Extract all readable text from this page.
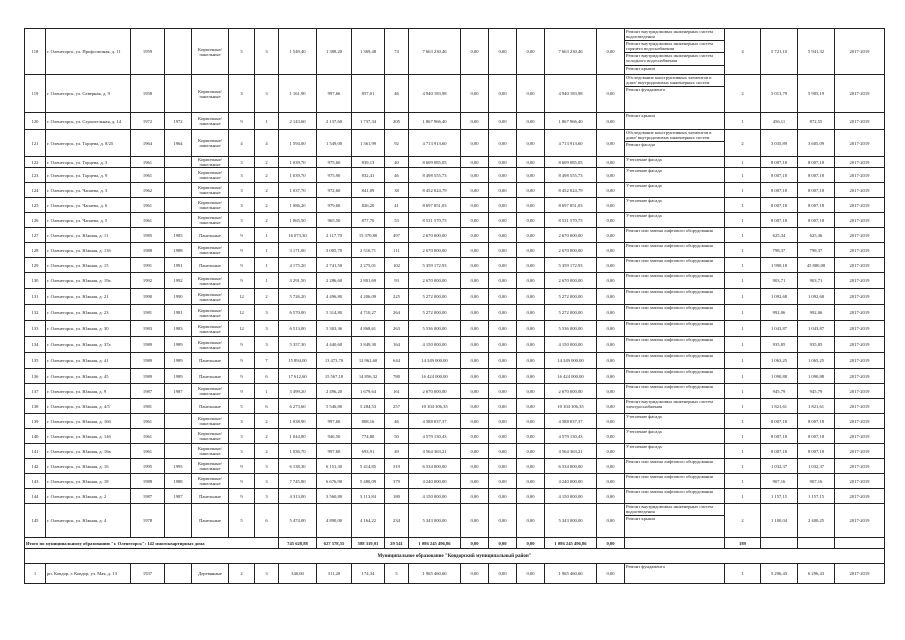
118	г. Оленегорск, ул. Профсоюзная, д. 11	1959		Кирпичные/ панельные	5	3	1 549,40	1 388,20	1 369,48	74	7 663 230,46	0,00	0,00	0,00	7 663 230,46	0,00	Ремонт внутридомовых инженерных систем водоотведения
Ремонт внутридомовых инженерных систем горячего водоснабжения
Ремонт внутридомовых инженерных систем холодного водоснабжения
Ремонт крыши	4	5 721,10	5 941,32	2017-2019
119	г. Оленегорск, ул. Северная, д. 9	1958		Кирпичные/ панельные	3	3	1 161,90	997,66	857,01	46	4 940 183,98	0,00	0,00	0,00	4 940 183,98	0,00	Обследование конструктивных элементов в доме/ внутридомовых инженерных систем
Ремонт фундамента	2	5 013,79	5 905,19	2017-2019
120	г. Оленегорск, ул. Строительная, д. 14	1972	1972	Кирпичные/ панельные	9	1	2 143,60	2 137,60	1 737,34	205	1 867 966,40	0,00	0,00	0,00	1 867 966,40	0,00	Ремонт крыши	1	456,11	872,55	2017-2019
121	г. Оленегорск, ул. Торцева, д. 8/25	1964	1964	Кирпичные/ панельные	4	4	1 594,00	1 549,00	1 361,99	92	4 713 913,60	0,00	0,00	0,00	4 713 913,60	0,00	Обследование конструктивных элементов в доме/ внутридомовых инженерных систем
Ремонт фасада	2	3 035,89	3 605,09	2017-2019
122	г. Оленегорск, ул. Торцева, д. 3	1961		Кирпичные/ панельные	3	2	1 039,70	975,60	839,13	40	8 609 085,05	0,00	0,00	0,00	8 609 085,05	0,00	Утепление фасада	1	8 007,18	8 007,18	2017-2019
123	г. Оленегорск, ул. Торцева, д. 9	1961		Кирпичные/ панельные	3	2	1 039,70	975,90	832,41	46	8 498 555,73	0,00	0,00	0,00	8 498 555,73	0,00	Утепление фасада	1	8 007,18	8 007,18	2017-2019
124	г. Оленегорск, ул. Чапаева, д. 3	1962		Кирпичные/ панельные	3	2	1 037,70	972,60	841,09	38	8 452 024,79	0,00	0,00	0,00	8 452 024,79	0,00	Утепление фасада	1	8 007,18	8 007,18	2017-2019
125	г. Оленегорск, ул. Чапаева, д. 6	1961		Кирпичные/ панельные	3	2	1 086,20	979,60	826,20	41	8 697 851,03	0,00	0,00	0,00	8 697 851,03	0,00	Утепление фасада	1	8 007,18	8 007,18	2017-2019
126	г. Оленегорск, ул. Чапаева, д. 5	1961		Кирпичные/ панельные	3	2	1 065,50	965,50	877,70	53	8 531 570,75	0,00	0,00	0,00	8 531 570,75	0,00	Утепление фасада	1	8 007,18	8 007,18	2017-2019
127	г. Оленегорск, ул. Южная, д. 11	1985	1985	Панельные	9	1	16 073,30	2 117,70	15 370,80	497	2 670 000,00	0,00	0,00	0,00	2 670 000,00	0,00	Ремонт или замена лифтового оборудования	1	625,34	625,36	2017-2019
128	г. Оленегорск, ул. Южная, д. 13б	1988	1988	Кирпичные/ панельные	9	1	3 171,00	3 005,70	2 516,71	111	2 670 000,00	0,00	0,00	0,00	2 670 000,00	0,00	Ремонт или замена лифтового оборудования	1	798,37	798,37	2017-2019
129	г. Оленегорск, ул. Южная, д. 15	1991	1991	Панельные	9	1	4 175,20	2 741,50	2 275,01	102	5 359 172,93	0,00	0,00	0,00	5 359 172,93	0,00	Ремонт или замена лифтового оборудования	1	1 990,18	45 880,08	2017-2019
130	г. Оленегорск, ул. Южная, д. 19а	1992	1992	Кирпичные/ панельные	9	1	3 291,50	2 286,60	2 801,69	93	2 670 000,00	0,00	0,00	0,00	2 670 000,00	0,00	Ремонт или замена лифтового оборудования	1	903,71	903,71	2017-2019
131	г. Оленегорск, ул. Южная, д. 21	1990	1990	Кирпичные/ панельные	12	2	5 726,20	4 496,80	4 206,09	225	5 272 000,00	0,00	0,00	0,00	5 272 000,00	0,00	Ремонт или замена лифтового оборудования	1	1 092,68	1 092,68	2017-2019
132	г. Оленегорск, ул. Южная, д. 23	1981	1981	Кирпичные/ панельные	12	3	6 570,00	5 314,80	4 710,27	264	5 272 000,00	0,00	0,00	0,00	5 272 000,00	0,00	Ремонт или замена лифтового оборудования	1	992,06	992,06	2017-2019
133	г. Оленегорск, ул. Южная, д. 30	1983	1983	Кирпичные/ панельные	12	3	6 513,00	5 303,36	4 868,61	263	5 536 000,00	0,00	0,00	0,00	5 536 000,00	0,00	Ремонт или замена лифтового оборудования	1	1 043,87	1 043,87	2017-2019
134	г. Оленегорск, ул. Южная, д. 37а	1989	1989	Кирпичные/ панельные	9	3	5 357,30	4 440,60	3 849,30	164	4 150 000,00	0,00	0,00	0,00	4 150 000,00	0,00	Ремонт или замена лифтового оборудования	1	935,85	935,85	2017-2019
135	г. Оленегорск, ул. Южная, д. 41	1989	1989	Панельные	9	7	15 894,00	13 473,70	12 962,60	644	14 349 000,00	0,00	0,00	0,00	14 349 000,00	0,00	Ремонт или замена лифтового оборудования	1	1 063,25	1 065,25	2017-2019
136	г. Оленегорск, ул. Южная, д. 45	1989	1989	Панельные	9	6	17 612,60	15 567,10	14 856,32	780	16 424 000,00	0,00	0,00	0,00	16 424 000,00	0,00	Ремонт или замена лифтового оборудования	1	1 090,88	1 090,88	2017-2019
137	г. Оленегорск, ул. Южная, д. 9	1987	1987	Кирпичные/ панельные	9	1	3 499,20	2 496,20	1 679,64	161	2 670 000,00	0,00	0,00	0,00	2 670 000,00	0,00	Ремонт или замена лифтового оборудования	1	945,79	945,79	2017-2019
138	г. Оленегорск, ул. Южная, д. 4/5	1981		Панельные	5	6	6 273,60	5 546,80	5 284,53	257	10 104 106,35	0,00	0,00	0,00	10 104 106,35	0,00	Ремонт внутридомовых инженерных систем электроснабжения	1	1 821,61	1 821,61	2017-2019
139	г. Оленегорск, ул. Южная, д. 16б	1961		Кирпичные/ панельные	3	2	1 038,90	997,60	808,16	46	4 588 037,37	0,00	0,00	0,00	4 588 037,37	0,00	Утепление фасада	1	8 007,18	8 007,18	2017-2019
140	г. Оленегорск, ул. Южная, д. 14б	1961		Кирпичные/ панельные	3	2	1 044,80	946,50	774,80	50	4 579 130,43	0,00	0,00	0,00	4 579 130,43	0,00	Утепление фасада	1	8 007,18	8 007,18	2017-2019
141	г. Оленегорск, ул. Южная, д. 16в	1961		Кирпичные/ панельные	3	2	1 036,70	997,60	693,91	49	4 564 363,21	0,00	0,00	0,00	4 564 363,21	0,00	Утепление фасада	1	8 007,18	8 007,18	2017-2019
142	г. Оленегорск, ул. Южная, д. 16	1995	1995	Кирпичные/ панельные	9	3	6 138,30	6 151,30	5 414,85	319	6 534 000,00	0,00	0,00	0,00	6 534 000,00	0,00	Ремонт или замена лифтового оборудования	1	1 032,37	1 032,37	2017-2019
143	г. Оленегорск, ул. Южная, д. 18	1988	1988	Кирпичные/ панельные	9	3	7 745,80	6 676,90	5 480,09	379	4 240 000,00	0,00	0,00	0,00	4 240 000,00	0,00	Ремонт или замена лифтового оборудования	1	907,16	907,16	2017-2019
144	г. Оленегорск, ул. Южная, д. 2	1987	1987	Панельные	9	3	4 313,00	3 560,80	3 113,84	180	4 150 000,00	0,00	0,00	0,00	4 150 000,00	0,00	Ремонт или замена лифтового оборудования	1	1 157,15	1 157,15	2017-2019
145	г. Оленегорск, ул. Южная, д. 4	1978		Панельные	5	6	5 474,00	4 890,00	4 164,22	234	5 343 000,00	0,00	0,00	0,00	5 343 000,00	0,00	Ремонт внутридомовых инженерных систем водоотведения
Ремонт крыши	2	1 100,04	2 400,25	2017-2019
Итого по муниципальному образованию "г. Оленегорск": 142 многоквартирных дома							745 628,88	627 578,55	588 319,91	29 541	1 086 245 496,86	0,00	0,00	0,00	1 086 245 496,86	0,00		189			
Муниципальное образование "Ковдорский муниципальный район"																					
1	рп. Ковдор, г. Ковдор, ул. Мая, д. 13	1937		Деревянные	2	3	340,60	311,20	174,34	5	1 965 460,60	0,00	0,00	0,00	1 965 460,60	0,00	Ремонт фундамента	1	5 296,43	6 296,43	2017-2019
